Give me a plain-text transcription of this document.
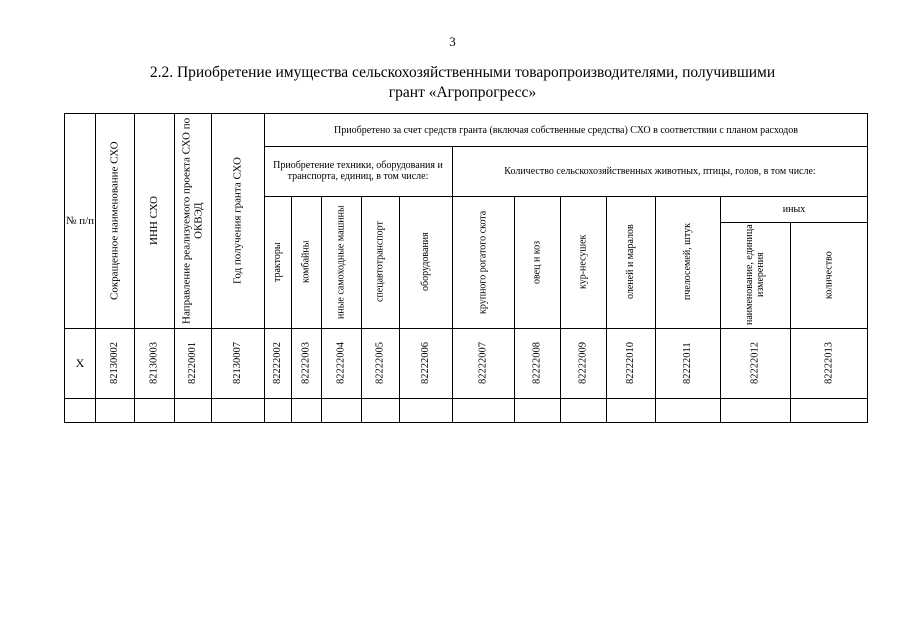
3
2.2. Приобретение имущества сельскохозяйственными товаропроизводителями, получившими
грант «Агропрогресс»
№ п/п	Сокращенное наименование СХО	ИНН СХО	Направление реализуемого проекта СХО по ОКВЭД	Год получения гранта СХО
Приобретено за счет средств гранта (включая собственные средства) СХО в соответствии с планом расходов
Приобретение техники, оборудования и транспорта, единиц, в том числе:	Количество сельскохозяйственных животных, птицы, голов, в том числе:
тракторы	комбайны	иные самоходные машины	спецавтотранспорт	оборудования	крупного рогатого скота	овец и коз	кур-несушек	оленей и маралов	пчелосемей, штук
иных
наименование, единица измерения	количество
X	82130002	82130003	82220001	82130007	82222002	82222003	82222004	82222005	82222006	82222007	82222008	82222009	82222010	82222011	82222012	82222013
